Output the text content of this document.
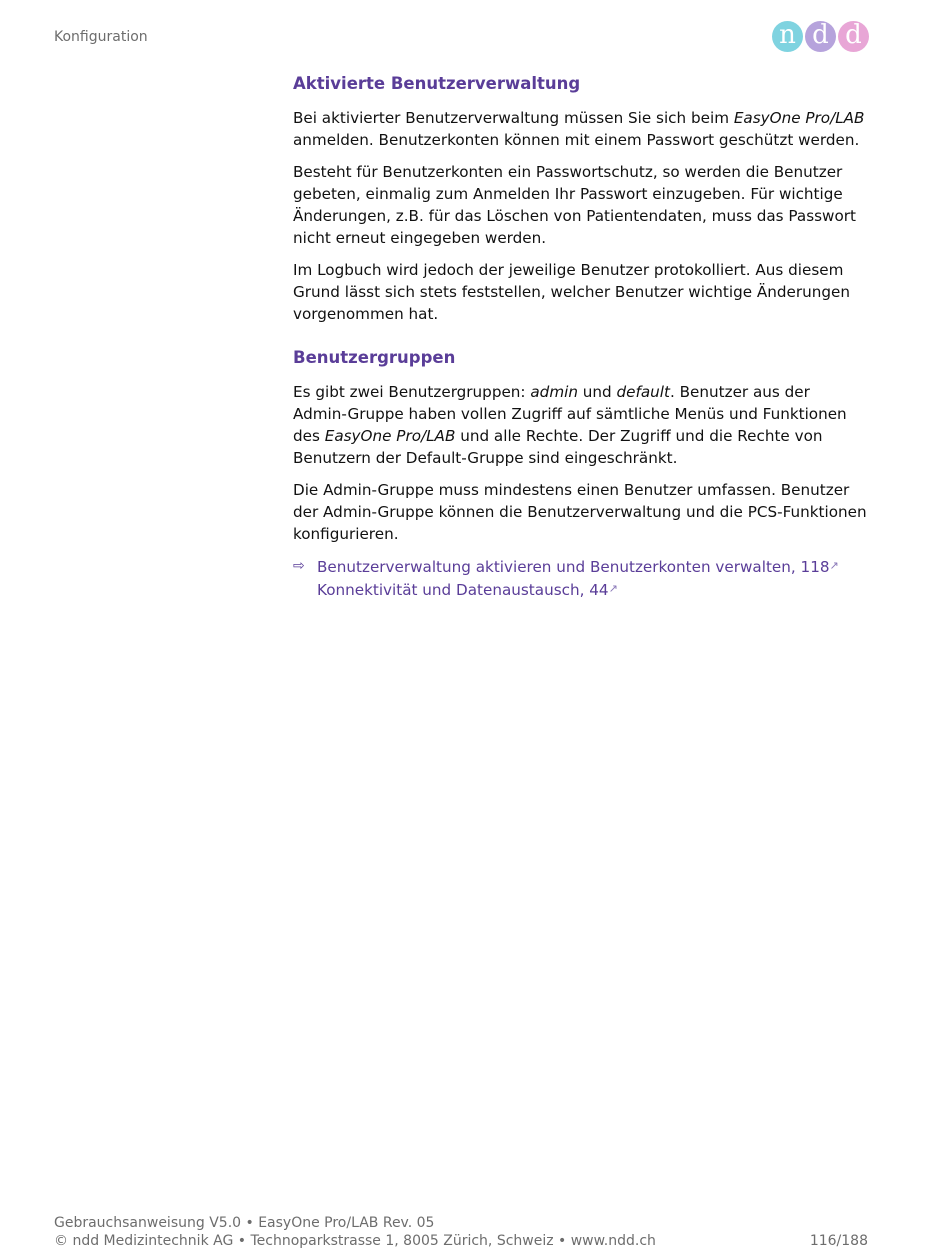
Konfiguration	n d d
Aktivierte Benutzerverwaltung

Bei aktivierter Benutzerverwaltung müssen Sie sich beim EasyOne Pro/LAB anmelden. Benutzerkonten können mit einem Passwort geschützt werden.

Besteht für Benutzerkonten ein Passwortschutz, so werden die Benutzer gebeten, einmalig zum Anmelden Ihr Passwort einzugeben. Für wichtige Änderungen, z.B. für das Löschen von Patientendaten, muss das Passwort nicht erneut eingegeben werden.

Im Logbuch wird jedoch der jeweilige Benutzer protokolliert. Aus diesem Grund lässt sich stets feststellen, welcher Benutzer wichtige Änderungen vorgenommen hat.

Benutzergruppen

Es gibt zwei Benutzergruppen: admin und default. Benutzer aus der Admin-Gruppe haben vollen Zugriff auf sämtliche Menüs und Funktionen des EasyOne Pro/LAB und alle Rechte. Der Zugriff und die Rechte von Benutzern der Default-Gruppe sind eingeschränkt.

Die Admin-Gruppe muss mindestens einen Benutzer umfassen. Benutzer der Admin-Gruppe können die Benutzerverwaltung und die PCS-Funktionen konfigurieren.

⇨ Benutzerverwaltung aktivieren und Benutzerkonten verwalten, 118↗
Konnektivität und Datenaustausch, 44↗
Gebrauchsanweisung V5.0 • EasyOne Pro/LAB Rev. 05
© ndd Medizintechnik AG • Technoparkstrasse 1, 8005 Zürich, Schweiz • www.ndd.ch	116/188
